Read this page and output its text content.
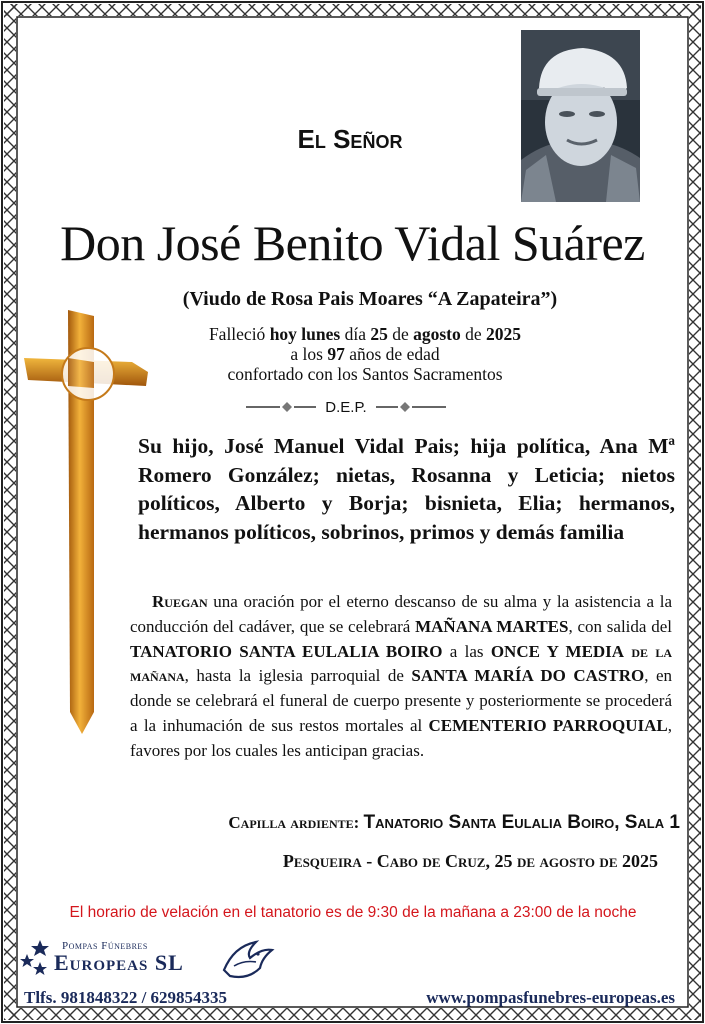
El Señor
Don José Benito Vidal Suárez
(Viudo de Rosa Pais Moares “A Zapateira”)
Falleció hoy lunes día 25 de agosto de 2025
a los 97 años de edad
confortado con los Santos Sacramentos
D.E.P.
Su hijo, José Manuel Vidal Pais; hija política, Ana Mª Romero González; nietas, Rosanna y Leticia; nietos políticos, Alberto y Borja; bisnieta, Elia; hermanos, hermanos políticos, sobrinos, primos y demás familia
Ruegan una oración por el eterno descanso de su alma y la asistencia a la conducción del cadáver, que se celebrará MAÑANA MARTES, con salida del TANATORIO SANTA EULALIA BOIRO a las ONCE Y MEDIA de la mañana, hasta la iglesia parroquial de SANTA MARÍA DO CASTRO, en donde se celebrará el funeral de cuerpo presente y posteriormente se procederá a la inhumación de sus restos mortales al CEMENTERIO PARROQUIAL, favores por los cuales les anticipan gracias.
Capilla ardiente: Tanatorio Santa Eulalia Boiro, Sala 1
Pesqueira - Cabo de Cruz, 25 de agosto de 2025
El horario de velación en el tanatorio es de 9:30 de la mañana a 23:00 de la noche
Pompas Fúnebres
Europeas SL
Tlfs. 981848322 / 629854335	www.pompasfunebres-europeas.es
